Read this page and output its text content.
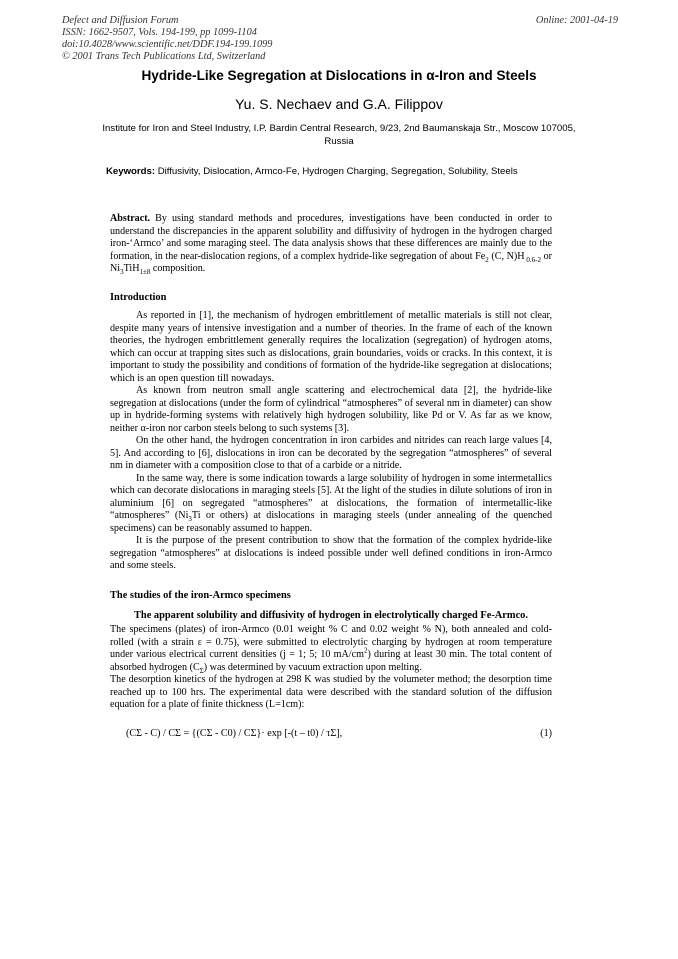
Defect and Diffusion Forum
ISSN: 1662-9507, Vols. 194-199, pp 1099-1104
doi:10.4028/www.scientific.net/DDF.194-199.1099
© 2001 Trans Tech Publications Ltd, Switzerland
Online: 2001-04-19
Hydride-Like Segregation at Dislocations in α-Iron and Steels
Yu. S. Nechaev and G.A. Filippov
Institute for Iron and Steel Industry, I.P. Bardin Central Research, 9/23, 2nd Baumanskaja Str., Moscow 107005, Russia
Keywords: Diffusivity, Dislocation, Armco-Fe, Hydrogen Charging, Segregation, Solubility, Steels

Abstract. By using standard methods and procedures, investigations have been conducted in order to understand the discrepancies in the apparent solubility and diffusivity of hydrogen in the hydrogen charged iron-‘Armco’ and some maraging steel. The data analysis shows that these differences are mainly due to the formation, in the near-dislocation regions, of a complex hydride-like segregation of about $Fe_2$ (C, N)H $_{0.6-2}$ or $Ni_3TiH_{1\pm 8}$ composition.

Introduction

As reported in [1], the mechanism of hydrogen embrittlement of metallic materials is still not clear, despite many years of intensive investigation and a number of theories. In the frame of each of the known theories, the hydrogen embrittlement generally requires the localization (segregation) of hydrogen atoms, which can occur at trapping sites such as dislocations, grain boundaries, voids or cracks. In this context, it is important to study the possibility and conditions of formation of the hydride-like segregation at dislocations; which is an open question till nowadays.

As known from neutron small angle scattering and electrochemical data [2], the hydride-like segregation at dislocations (under the form of cylindrical “atmospheres” of several nm in diameter) can show up in hydride-forming systems with relatively high hydrogen solubility, like Pd or V. As far as we know, neither α-iron nor carbon steels belong to such systems [3].

On the other hand, the hydrogen concentration in iron carbides and nitrides can reach large values [4, 5]. And according to [6], dislocations in iron can be decorated by the segregation “atmospheres” of several nm in diameter with a composition close to that of a carbide or a nitride.

In the same way, there is some indication towards a large solubility of hydrogen in some intermetallics which can decorate dislocations in maraging steels [5]. At the light of the studies in dilute solutions of iron in aluminium [6] on segregated “atmospheres” at dislocations, the formation of intermetallic-like “atmospheres” ($Ni_3Ti$ or others) at dislocations in maraging steels (under annealing of the quenched specimens) can be reasonably assumed to happen.

It is the purpose of the present contribution to show that the formation of the complex hydride-like segregation “atmospheres” at dislocations is indeed possible under well defined conditions in iron-Armco and some steels.

The studies of the iron-Armco specimens
The apparent solubility and diffusivity of hydrogen in electrolytically charged Fe-Armco.

The specimens (plates) of iron-Armco (0.01 weight % C and 0.02 weight % N), both annealed and cold-rolled (with a strain ε = 0.75), were submitted to electrolytic charging by hydrogen at room temperature under various electrical current densities (j = 1; 5; 10 $mA/cm^2$) during at least 30 min. The total content of absorbed hydrogen $(C_\Sigma)$ was determined by vacuum extraction upon melting.

The desorption kinetics of the hydrogen at 298 K was studied by the volumeter method; the desorption time reached up to 100 hrs. The experimental data were described with the standard solution of the diffusion equation for a plate of finite thickness (L=1cm):

(CΣ - C) / CΣ = {(CΣ - C0) / CΣ}· exp [-(t – t0) / τΣ],	(1)
